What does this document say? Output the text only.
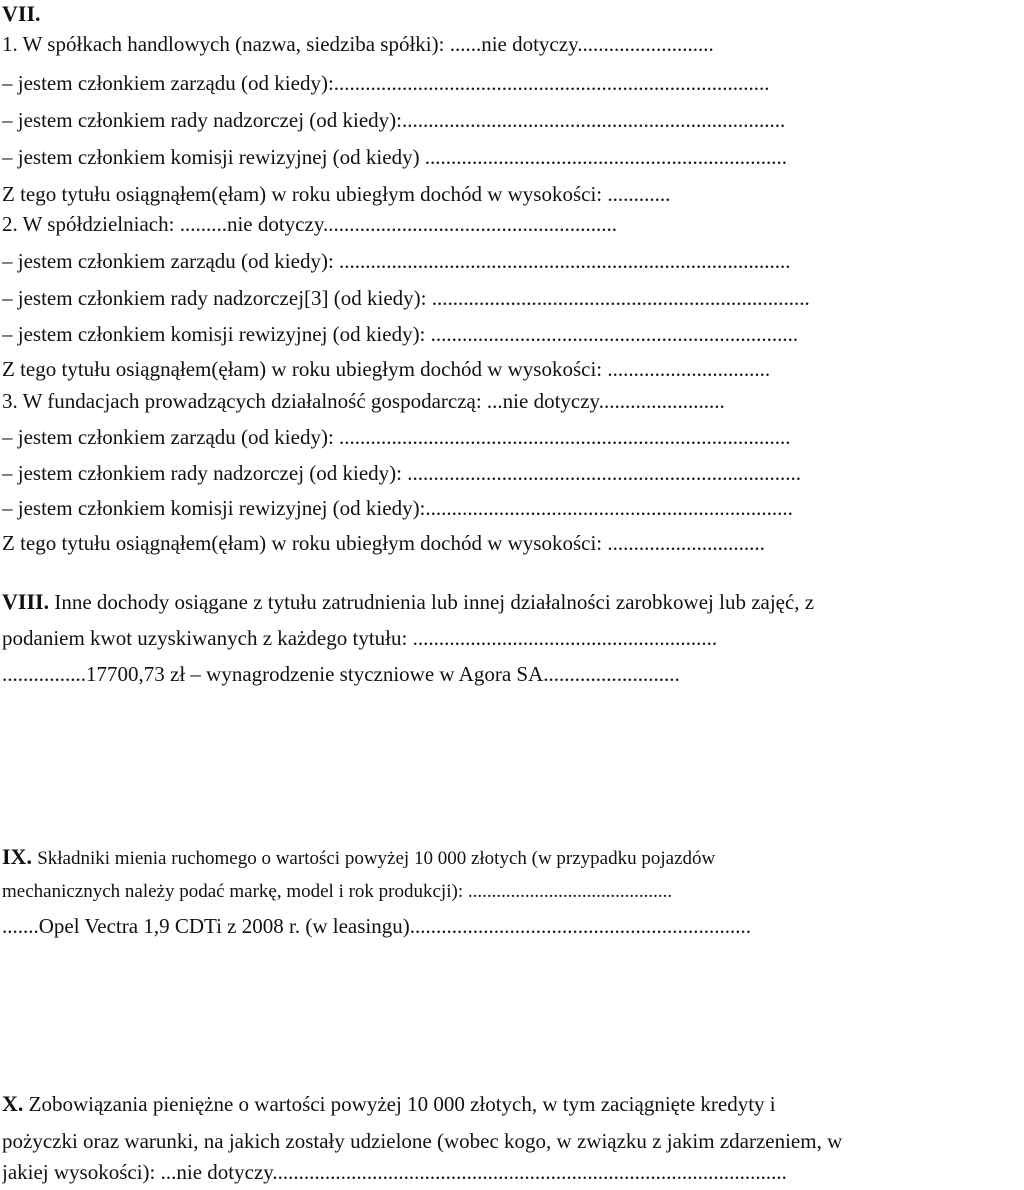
VII.
1. W spółkach handlowych (nazwa, siedziba spółki): ......nie dotyczy..........................
– jestem członkiem zarządu (od kiedy):...................................................................................
– jestem członkiem rady nadzorczej (od kiedy):.........................................................................
– jestem członkiem komisji rewizyjnej (od kiedy) .....................................................................
Z tego tytułu osiągnąłem(ęłam) w roku ubiegłym dochód w wysokości: ............
2. W spółdzielniach: .........nie dotyczy........................................................
– jestem członkiem zarządu (od kiedy): ......................................................................................
– jestem członkiem rady nadzorczej[3] (od kiedy): ........................................................................
– jestem członkiem komisji rewizyjnej (od kiedy): ......................................................................
Z tego tytułu osiągnąłem(ęłam) w roku ubiegłym dochód w wysokości: ...............................
3. W fundacjach prowadzących działalność gospodarczą: ...nie dotyczy........................
– jestem członkiem zarządu (od kiedy): ......................................................................................
– jestem członkiem rady nadzorczej (od kiedy): ...........................................................................
– jestem członkiem komisji rewizyjnej (od kiedy):......................................................................
Z tego tytułu osiągnąłem(ęłam) w roku ubiegłym dochód w wysokości: ..............................
VIII. Inne dochody osiągane z tytułu zatrudnienia lub innej działalności zarobkowej lub zajęć, z
podaniem kwot uzyskiwanych z każdego tytułu: ..........................................................
................17700,73 zł – wynagrodzenie styczniowe w Agora SA..........................
IX. Składniki mienia ruchomego o wartości powyżej 10 000 złotych (w przypadku pojazdów
mechanicznych należy podać markę, model i rok produkcji): ...........................................
.......Opel Vectra 1,9 CDTi z 2008 r. (w leasingu).................................................................
X. Zobowiązania pieniężne o wartości powyżej 10 000 złotych, w tym zaciągnięte kredyty i
pożyczki oraz warunki, na jakich zostały udzielone (wobec kogo, w związku z jakim zdarzeniem, w
jakiej wysokości): ...nie dotyczy..................................................................................................
